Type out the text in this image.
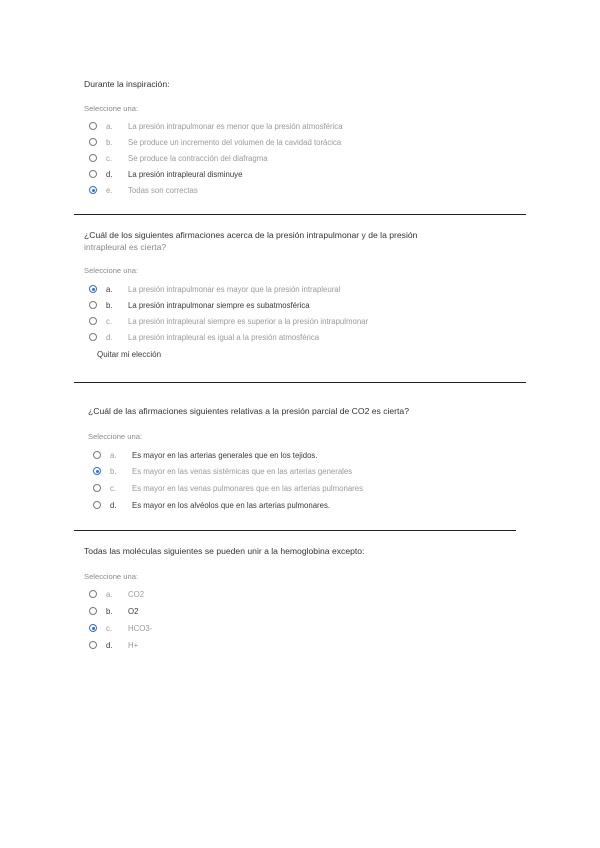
Durante la inspiración:
Seleccione una:
a.	La presión intrapulmonar es menor que la presión atmosférica
b.	Se produce un incremento del volumen de la cavidad torácica
c.	Se produce la contracción del diafragma
d.	La presión intrapleural disminuye
e.	Todas son correctas
¿Cuál de los siguientes afirmaciones acerca de la presión intrapulmonar y de la presión
intrapleural es cierta?
Seleccione una:
a.	La presión intrapulmonar es mayor que la presión intrapleural
b.	La presión intrapulmonar siempre es subatmosférica
c.	La presión intrapleural siempre es superior a la presión intrapulmonar
d.	La presión intrapleural es igual a la presión atmosférica
Quitar mi elección
¿Cuál de las afirmaciones siguientes relativas a la presión parcial de CO2 es cierta?
Seleccione una:
a.	Es mayor en las arterias generales que en los tejidos.
b.	Es mayor en las venas sistémicas que en las arterias generales
c.	Es mayor en las venas pulmonares que en las arterias pulmonares
d.	Es mayor en los alvéolos que en las arterias pulmonares.
Todas las moléculas siguientes se pueden unir a la hemoglobina excepto:
Seleccione una:
a.	CO2
b.	O2
c.	HCO3-
d.	H+
